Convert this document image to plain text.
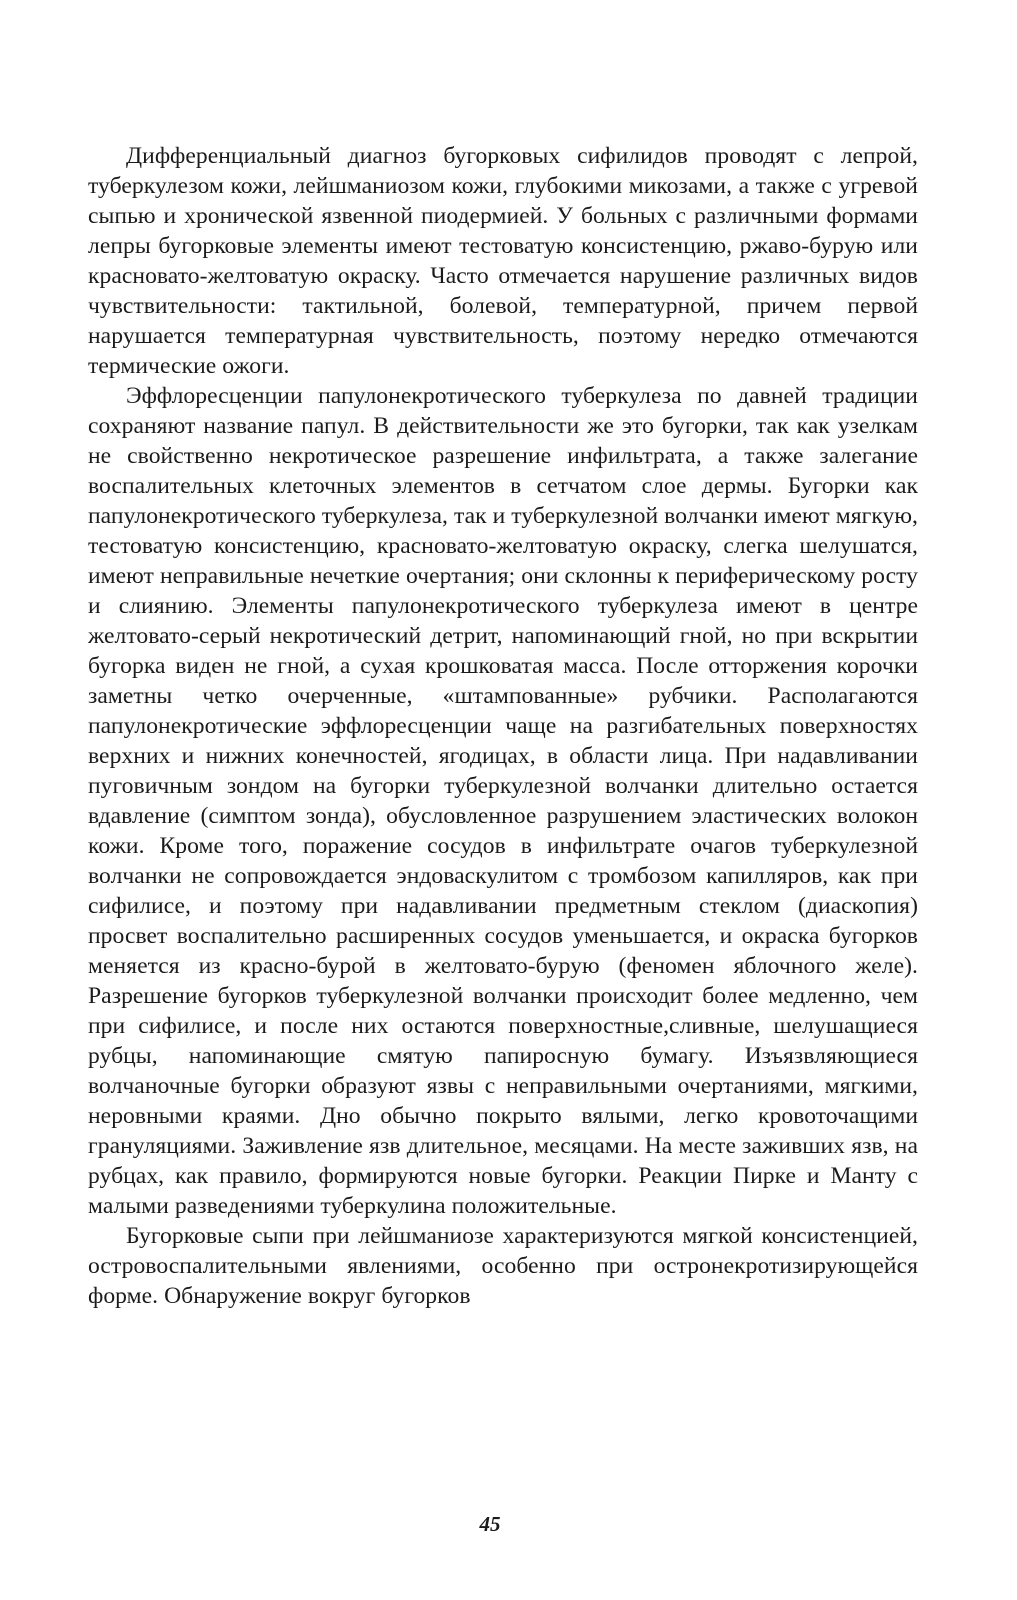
Дифференциальный диагноз бугорковых сифилидов проводят с лепрой, туберкулезом кожи, лейшманиозом кожи, глубокими микозами, а также с угревой сыпью и хронической язвенной пиодермией. У больных с различными формами лепры бугорковые элементы имеют тестоватую консистенцию, ржаво-бурую или красновато-желтоватую окраску. Часто отмечается нарушение различных видов чувствительности: тактильной, болевой, температурной, причем первой нарушается температурная чувствительность, поэтому нередко отмечаются термические ожоги.

Эффлоресценции папулонекротического туберкулеза по давней традиции сохраняют название папул. В действительности же это бугорки, так как узелкам не свойственно некротическое разрешение инфильтрата, а также залегание воспалительных клеточных элементов в сетчатом слое дермы. Бугорки как папулонекротического туберкулеза, так и туберкулезной волчанки имеют мягкую, тестоватую консистенцию, красновато-желтоватую окраску, слегка шелушатся, имеют неправильные нечеткие очертания; они склонны к периферическому росту и слиянию. Элементы папулонекротического туберкулеза имеют в центре желтовато-серый некротический детрит, напоминающий гной, но при вскрытии бугорка виден не гной, а сухая крошковатая масса. После отторжения корочки заметны четко очерченные, «штампованные» рубчики. Располагаются папулонекротические эффлоресценции чаще на разгибательных поверхностях верхних и нижних конечностей, ягодицах, в области лица. При надавливании пуговичным зондом на бугорки туберкулезной волчанки длительно остается вдавление (симптом зонда), обусловленное разрушением эластических волокон кожи. Кроме того, поражение сосудов в инфильтрате очагов туберкулезной волчанки не сопровождается эндоваскулитом с тромбозом капилляров, как при сифилисе, и поэтому при надавливании предметным стеклом (диаскопия) просвет воспалительно расширенных сосудов уменьшается, и окраска бугорков меняется из красно-бурой в желтовато-бурую (феномен яблочного желе). Разрешение бугорков туберкулезной волчанки происходит более медленно, чем при сифилисе, и после них остаются поверхностные,сливные, шелушащиеся рубцы, напоминающие смятую папиросную бумагу. Изъязвляющиеся волчаночные бугорки образуют язвы с неправильными очертаниями, мягкими, неровными краями. Дно обычно покрыто вялыми, легко кровоточащими грануляциями. Заживление язв длительное, месяцами. На месте заживших язв, на рубцах, как правило, формируются новые бугорки. Реакции Пирке и Манту с малыми разведениями туберкулина положительные.

Бугорковые сыпи при лейшманиозе характеризуются мягкой консистенцией, островоспалительными явлениями, особенно при остронекротизирующейся форме. Обнаружение вокруг бугорков

45
